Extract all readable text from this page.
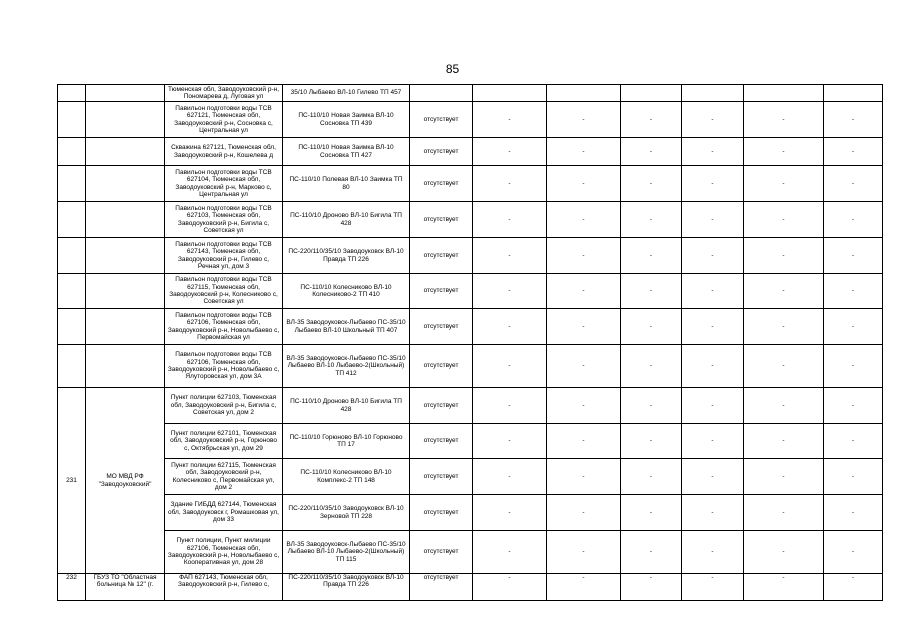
85
		Тюменская обл, Заводоуковский р-н, Пономарева д, Луговая ул	35/10 Лыбаево ВЛ-10 Гилево ТП 457							
		Павильон подготовки воды ТСВ 627121, Тюменская обл, Заводоуковский р-н, Сосновка с, Центральная ул	ПС-110/10 Новая Заимка ВЛ-10 Сосновка ТП 439	отсутствует	-	-	-	-	-	-
		Скважина 627121, Тюменская обл, Заводоуковский р-н, Кошелева д	ПС-110/10 Новая Заимка ВЛ-10 Сосновка ТП 427	отсутствует	-	-	-	-	-	-
		Павильон подготовки воды ТСВ 627104, Тюменская обл, Заводоуковский р-н, Марково с, Центральная ул	ПС-110/10 Полевая ВЛ-10 Заимка ТП 80	отсутствует	-	-	-	-	-	-
		Павильон подготовки воды ТСВ 627103, Тюменская обл, Заводоуковский р-н, Бигила с, Советская ул	ПС-110/10 Дроново ВЛ-10 Бигила ТП 428	отсутствует	-	-	-	-	-	-
		Павильон подготовки воды ТСВ 627143, Тюменская обл, Заводоуковский р-н, Гилево с, Речная ул, дом 3	ПС-220/110/35/10 Заводоуковск ВЛ-10 Правда ТП 226	отсутствует	-	-	-	-	-	-
		Павильон подготовки воды ТСВ 627115, Тюменская обл, Заводоуковский р-н, Колесниково с, Советская ул	ПС-110/10 Колесниково ВЛ-10 Колесниково-2 ТП 410	отсутствует	-	-	-	-	-	-
		Павильон подготовки воды ТСВ 627106, Тюменская обл, Заводоуковский р-н, Новолыбаево с, Первомайская ул	ВЛ-35 Заводоуковск-Лыбаево ПС-35/10 Лыбаево ВЛ-10 Школьный ТП 407	отсутствует	-	-	-	-	-	-
		Павильон подготовки воды ТСВ 627106, Тюменская обл, Заводоуковский р-н, Новолыбаево с, Ялуторовская ул, дом 3А	ВЛ-35 Заводоуковск-Лыбаево ПС-35/10 Лыбаево ВЛ-10 Лыбаево-2(Школьный) ТП 412	отсутствует	-	-	-	-	-	-
231	МО МВД РФ "Заводоуковский"	Пункт полиции 627103, Тюменская обл, Заводоуковский р-н, Бигила с, Советская ул, дом 2	ПС-110/10 Дроново ВЛ-10 Бигила ТП 428	отсутствует	-	-	-	-	-	-
		Пункт полиции 627101, Тюменская обл, Заводоуковский р-н, Горюново с, Октябрьская ул, дом 29	ПС-110/10 Горюново ВЛ-10 Горюново ТП 17	отсутствует	-	-	-	-	-	-
		Пункт полиции 627115, Тюменская обл, Заводоуковский р-н, Колесниково с, Первомайская ул, дом 2	ПС-110/10 Колесниково ВЛ-10 Комплекс-2 ТП 148	отсутствует	-	-	-	-	-	-
		Здание ГИБДД 627144, Тюменская обл, Заводоуковск г, Ромашковая ул, дом 33	ПС-220/110/35/10 Заводоуковск ВЛ-10 Зерновой ТП 228	отсутствует	-	-	-	-	-	-
		Пункт полиции, Пункт милиции 627106, Тюменская обл, Заводоуковский р-н, Новолыбаево с, Кооперативная ул, дом 28	ВЛ-35 Заводоуковск-Лыбаево ПС-35/10 Лыбаево ВЛ-10 Лыбаево-2(Школьный) ТП 115	отсутствует	-	-	-	-	-	-
232	ГБУЗ ТО "Областная больница № 12" (г.	ФАП 627143, Тюменская обл, Заводоуковский р-н, Гилево с,	ПС-220/110/35/10 Заводоуковск ВЛ-10 Правда ТП 226	отсутствует	-	-	-	-	-	-
